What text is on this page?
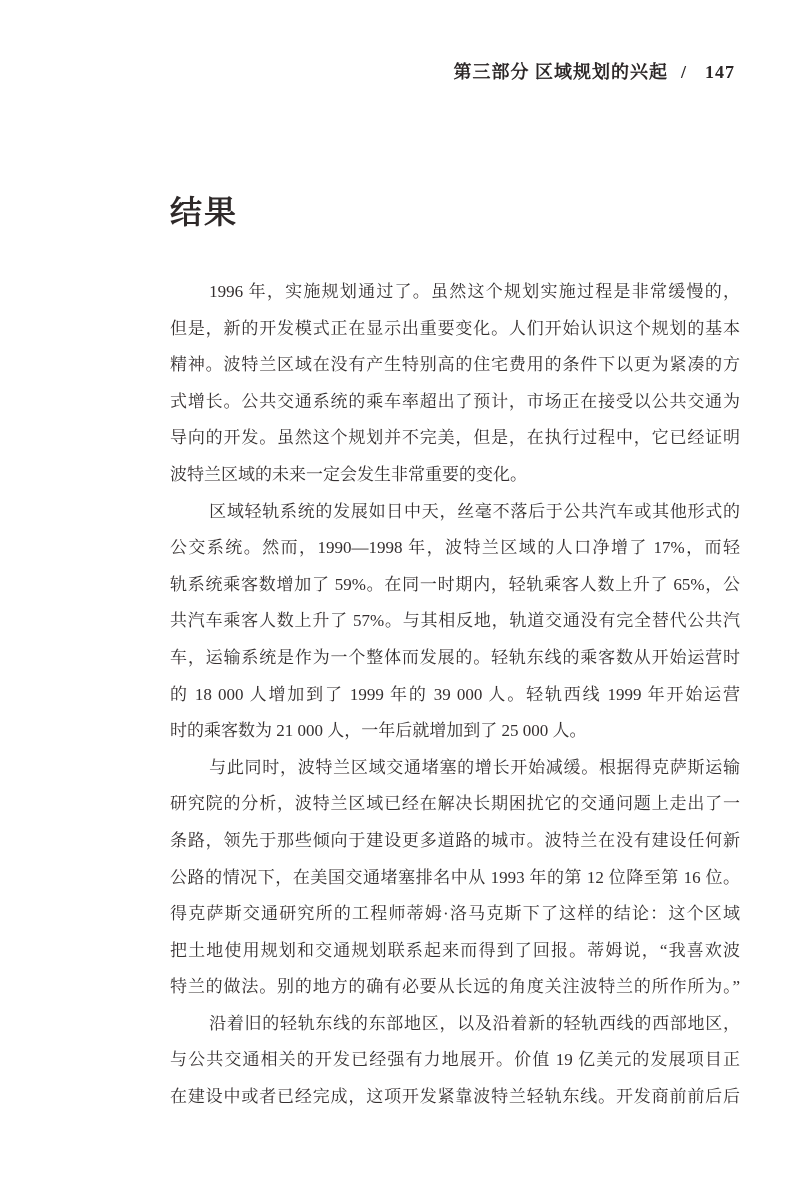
第三部分 区域规划的兴起 / 147
结果

1996 年，实施规划通过了。虽然这个规划实施过程是非常缓慢的，
但是，新的开发模式正在显示出重要变化。人们开始认识这个规划的基本
精神。波特兰区域在没有产生特别高的住宅费用的条件下以更为紧凑的方
式增长。公共交通系统的乘车率超出了预计，市场正在接受以公共交通为
导向的开发。虽然这个规划并不完美，但是，在执行过程中，它已经证明
波特兰区域的未来一定会发生非常重要的变化。

区域轻轨系统的发展如日中天，丝毫不落后于公共汽车或其他形式的
公交系统。然而，1990—1998 年，波特兰区域的人口净增了 17%，而轻
轨系统乘客数增加了 59%。在同一时期内，轻轨乘客人数上升了 65%，公
共汽车乘客人数上升了 57%。与其相反地，轨道交通没有完全替代公共汽
车，运输系统是作为一个整体而发展的。轻轨东线的乘客数从开始运营时
的 18 000 人增加到了 1999 年的 39 000 人。轻轨西线 1999 年开始运营
时的乘客数为 21 000 人，一年后就增加到了 25 000 人。

与此同时，波特兰区域交通堵塞的增长开始减缓。根据得克萨斯运输
研究院的分析，波特兰区域已经在解决长期困扰它的交通问题上走出了一
条路，领先于那些倾向于建设更多道路的城市。波特兰在没有建设任何新
公路的情况下，在美国交通堵塞排名中从 1993 年的第 12 位降至第 16 位。
得克萨斯交通研究所的工程师蒂姆·洛马克斯下了这样的结论：这个区域
把土地使用规划和交通规划联系起来而得到了回报。蒂姆说，“我喜欢波
特兰的做法。别的地方的确有必要从长远的角度关注波特兰的所作所为。”

沿着旧的轻轨东线的东部地区，以及沿着新的轻轨西线的西部地区，
与公共交通相关的开发已经强有力地展开。价值 19 亿美元的发展项目正
在建设中或者已经完成，这项开发紧靠波特兰轻轨东线。开发商前前后后
